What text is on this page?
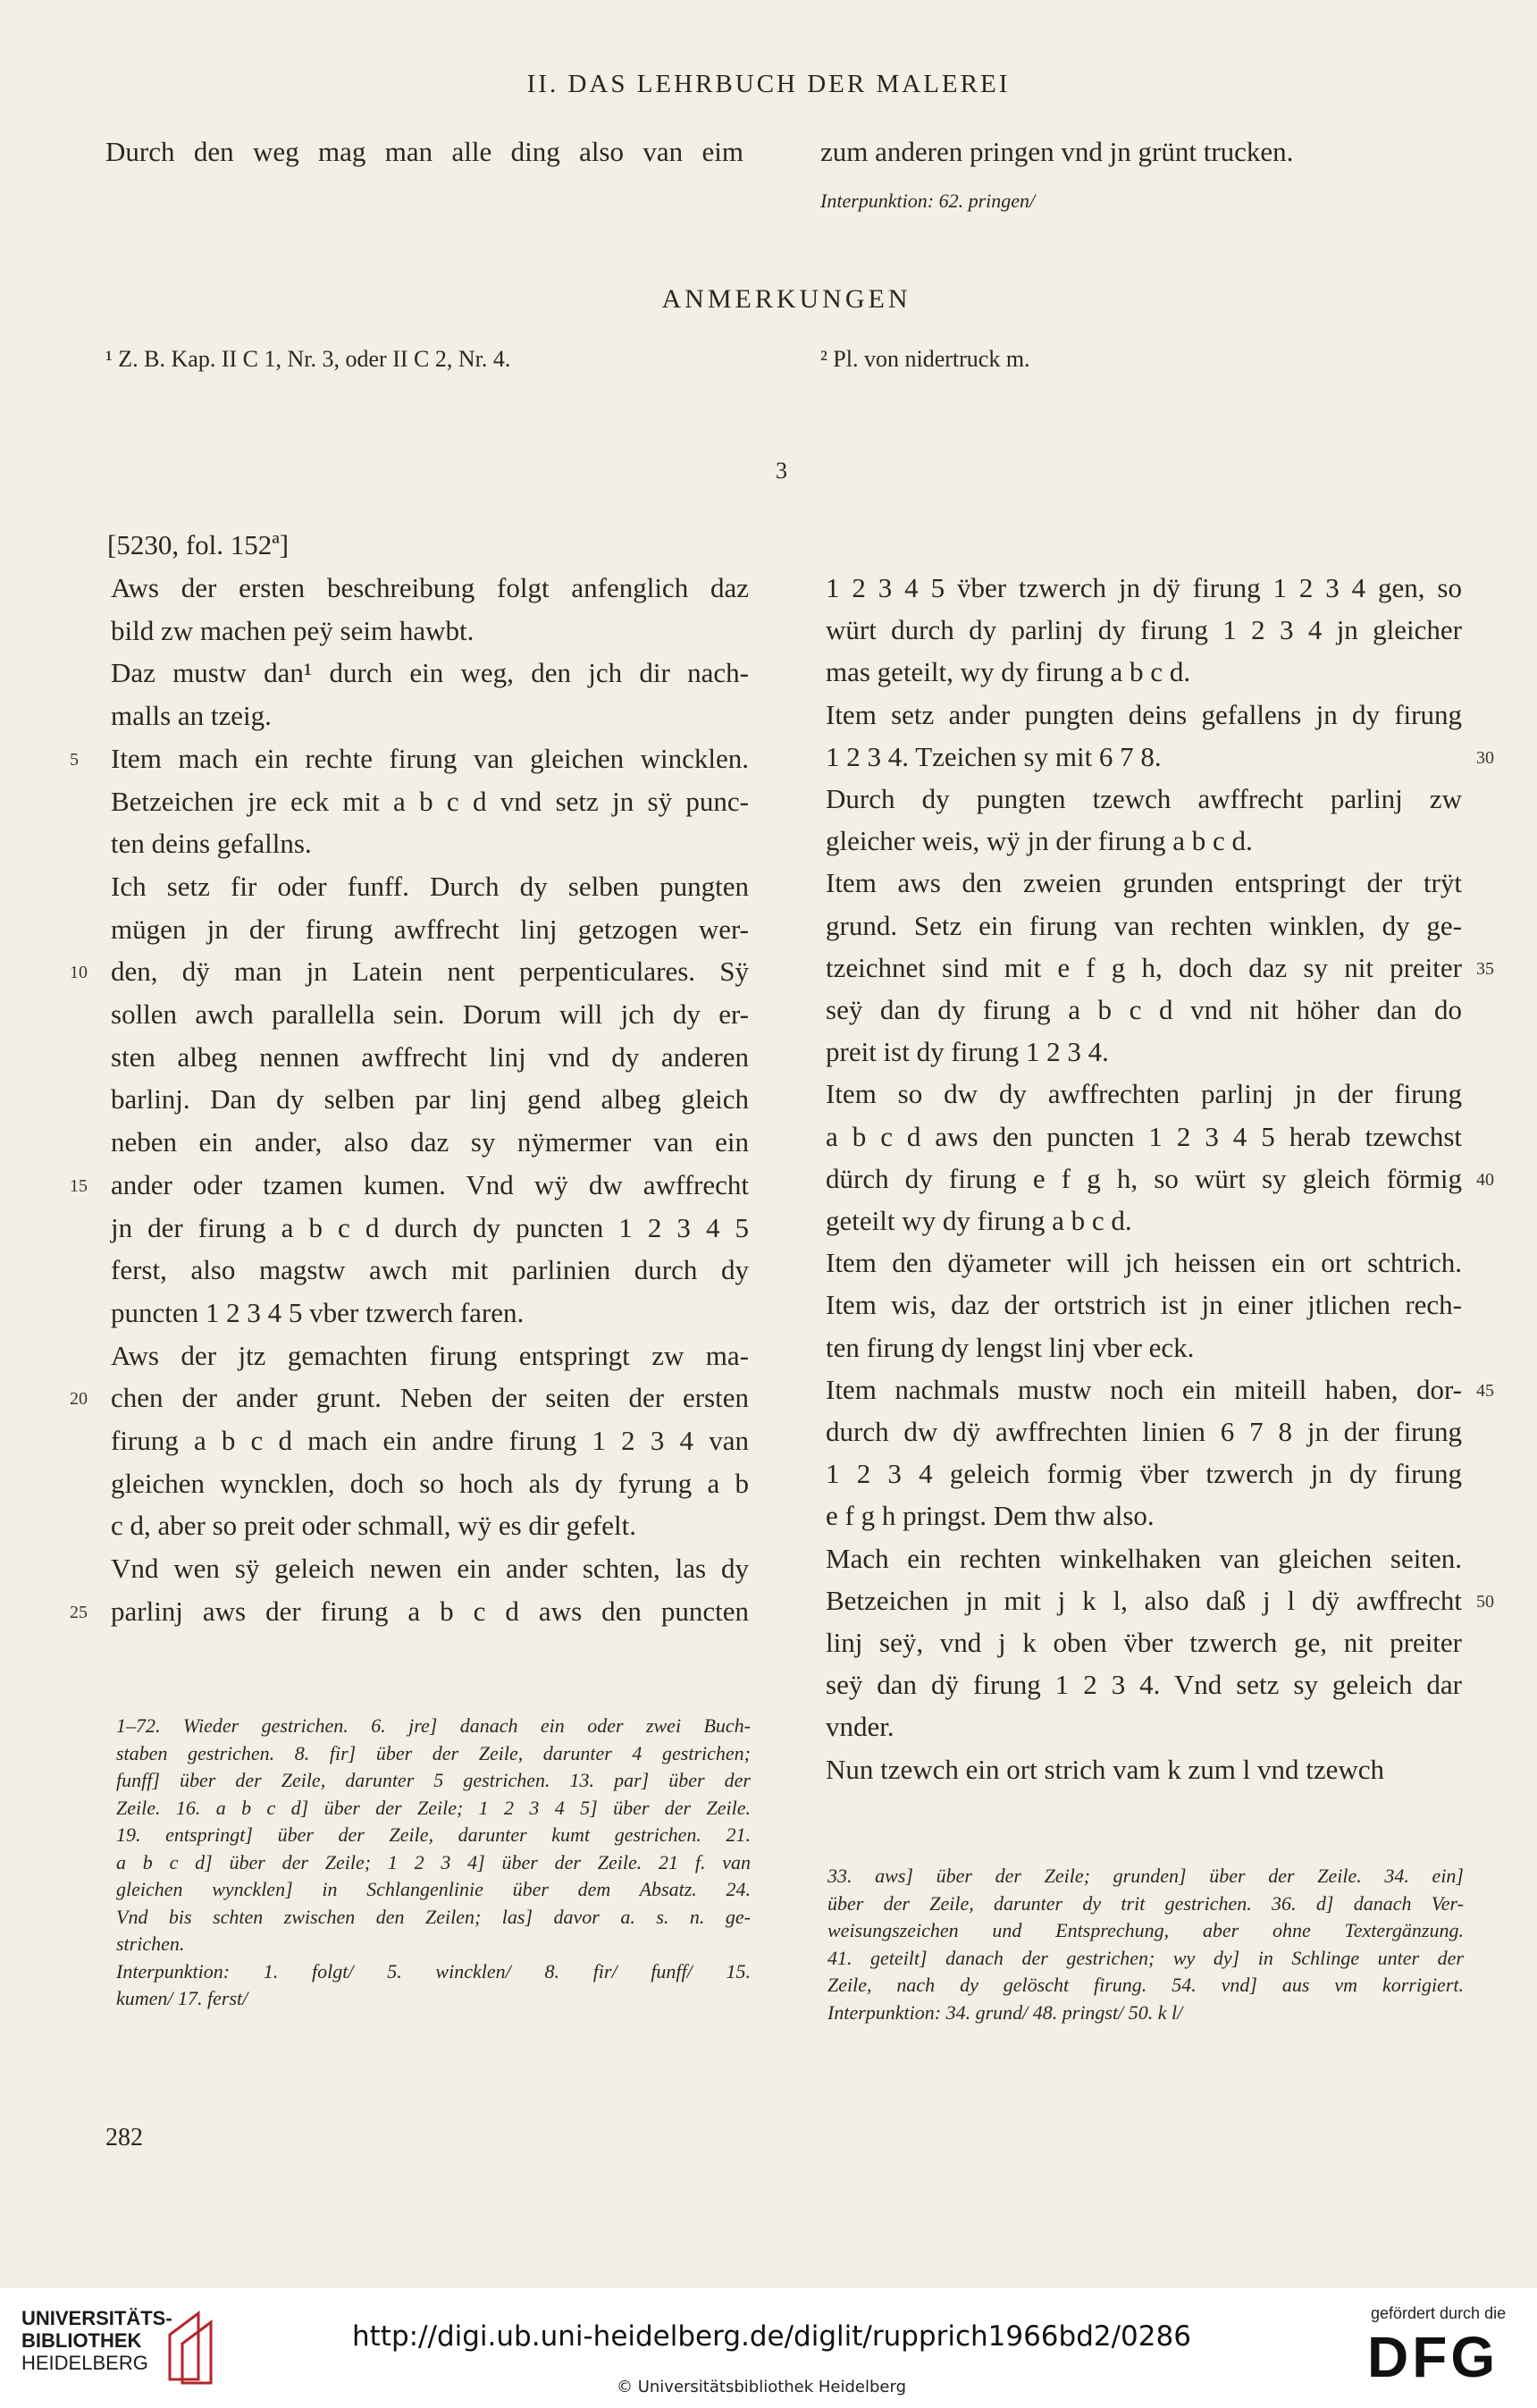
II. DAS LEHRBUCH DER MALEREI
Durch den weg mag man alle ding also van eim	zum anderen pringen vnd jn grünt trucken.
Interpunktion: 62. pringen/
ANMERKUNGEN
¹ Z. B. Kap. II C 1, Nr. 3, oder II C 2, Nr. 4.	² Pl. von nidertruck m.
3
[5230, fol. 152ª]
Aws der ersten beschreibung folgt anfenglich daz
bild zw machen peÿ seim hawbt.
Daz mustw dan¹ durch ein weg, den jch dir nach-
malls an tzeig.
Item mach ein rechte firung van gleichen wincklen.
Betzeichen jre eck mit a b c d vnd setz jn sÿ punc-
ten deins gefallns.
Ich setz fir oder funff. Durch dy selben pungten
mügen jn der firung awffrecht linj getzogen wer-
den, dÿ man jn Latein nent perpenticulares. Sÿ
sollen awch parallella sein. Dorum will jch dy er-
sten albeg nennen awffrecht linj vnd dy anderen
barlinj. Dan dy selben par linj gend albeg gleich
neben ein ander, also daz sy nÿmermer van ein
ander oder tzamen kumen. Vnd wÿ dw awffrecht
jn der firung a b c d durch dy puncten 1 2 3 4 5
ferst, also magstw awch mit parlinien durch dy
puncten 1 2 3 4 5 vber tzwerch faren.
Aws der jtz gemachten firung entspringt zw ma-
chen der ander grunt. Neben der seiten der ersten
firung a b c d mach ein andre firung 1 2 3 4 van
gleichen wyncklen, doch so hoch als dy fyrung a b
c d, aber so preit oder schmall, wÿ es dir gefelt.
Vnd wen sÿ geleich newen ein ander schten, las dy
parlinj aws der firung a b c d aws den puncten
5
10
15
20
25
1 2 3 4 5 v̈ber tzwerch jn dÿ firung 1 2 3 4 gen, so
würt durch dy parlinj dy firung 1 2 3 4 jn gleicher
mas geteilt, wy dy firung a b c d.
Item setz ander pungten deins gefallens jn dy firung
1 2 3 4. Tzeichen sy mit 6 7 8.
Durch dy pungten tzewch awffrecht parlinj zw
gleicher weis, wÿ jn der firung a b c d.
Item aws den zweien grunden entspringt der trÿt
grund. Setz ein firung van rechten winklen, dy ge-
tzeichnet sind mit e f g h, doch daz sy nit preiter
seÿ dan dy firung a b c d vnd nit höher dan do
preit ist dy firung 1 2 3 4.
Item so dw dy awffrechten parlinj jn der firung
a b c d aws den puncten 1 2 3 4 5 herab tzewchst
dürch dy firung e f g h, so würt sy gleich förmig
geteilt wy dy firung a b c d.
Item den dÿameter will jch heissen ein ort schtrich.
Item wis, daz der ortstrich ist jn einer jtlichen rech-
ten firung dy lengst linj vber eck.
Item nachmals mustw noch ein miteill haben, dor-
durch dw dÿ awffrechten linien 6 7 8 jn der firung
1 2 3 4 geleich formig v̈ber tzwerch jn dy firung
e f g h pringst. Dem thw also.
Mach ein rechten winkelhaken van gleichen seiten.
Betzeichen jn mit j k l, also daß j l dÿ awffrecht
linj seÿ, vnd j k oben v̈ber tzwerch ge, nit preiter
seÿ dan dÿ firung 1 2 3 4. Vnd setz sy geleich dar
vnder.
Nun tzewch ein ort strich vam k zum l vnd tzewch
30
35
40
45
50
1–72. Wieder gestrichen. 6. jre] danach ein oder zwei Buch-
staben gestrichen. 8. fir] über der Zeile, darunter 4 gestrichen;
funff] über der Zeile, darunter 5 gestrichen. 13. par] über der
Zeile. 16. a b c d] über der Zeile; 1 2 3 4 5] über der Zeile.
19. entspringt] über der Zeile, darunter kumt gestrichen. 21.
a b c d] über der Zeile; 1 2 3 4] über der Zeile. 21 f. van
gleichen wyncklen] in Schlangenlinie über dem Absatz. 24.
Vnd bis schten zwischen den Zeilen; las] davor a. s. n. ge-
strichen.
Interpunktion: 1. folgt/ 5. wincklen/ 8. fir/ funff/ 15.
kumen/ 17. ferst/
33. aws] über der Zeile; grunden] über der Zeile. 34. ein]
über der Zeile, darunter dy trit gestrichen. 36. d] danach Ver-
weisungszeichen und Entsprechung, aber ohne Textergänzung.
41. geteilt] danach der gestrichen; wy dy] in Schlinge unter der
Zeile, nach dy gelöscht firung. 54. vnd] aus vm korrigiert.
Interpunktion: 34. grund/ 48. pringst/ 50. k l/
282
UNIVERSITÄTS-
BIBLIOTHEK
HEIDELBERG
http://digi.ub.uni-heidelberg.de/diglit/rupprich1966bd2/0286
© Universitätsbibliothek Heidelberg
gefördert durch die
DFG
